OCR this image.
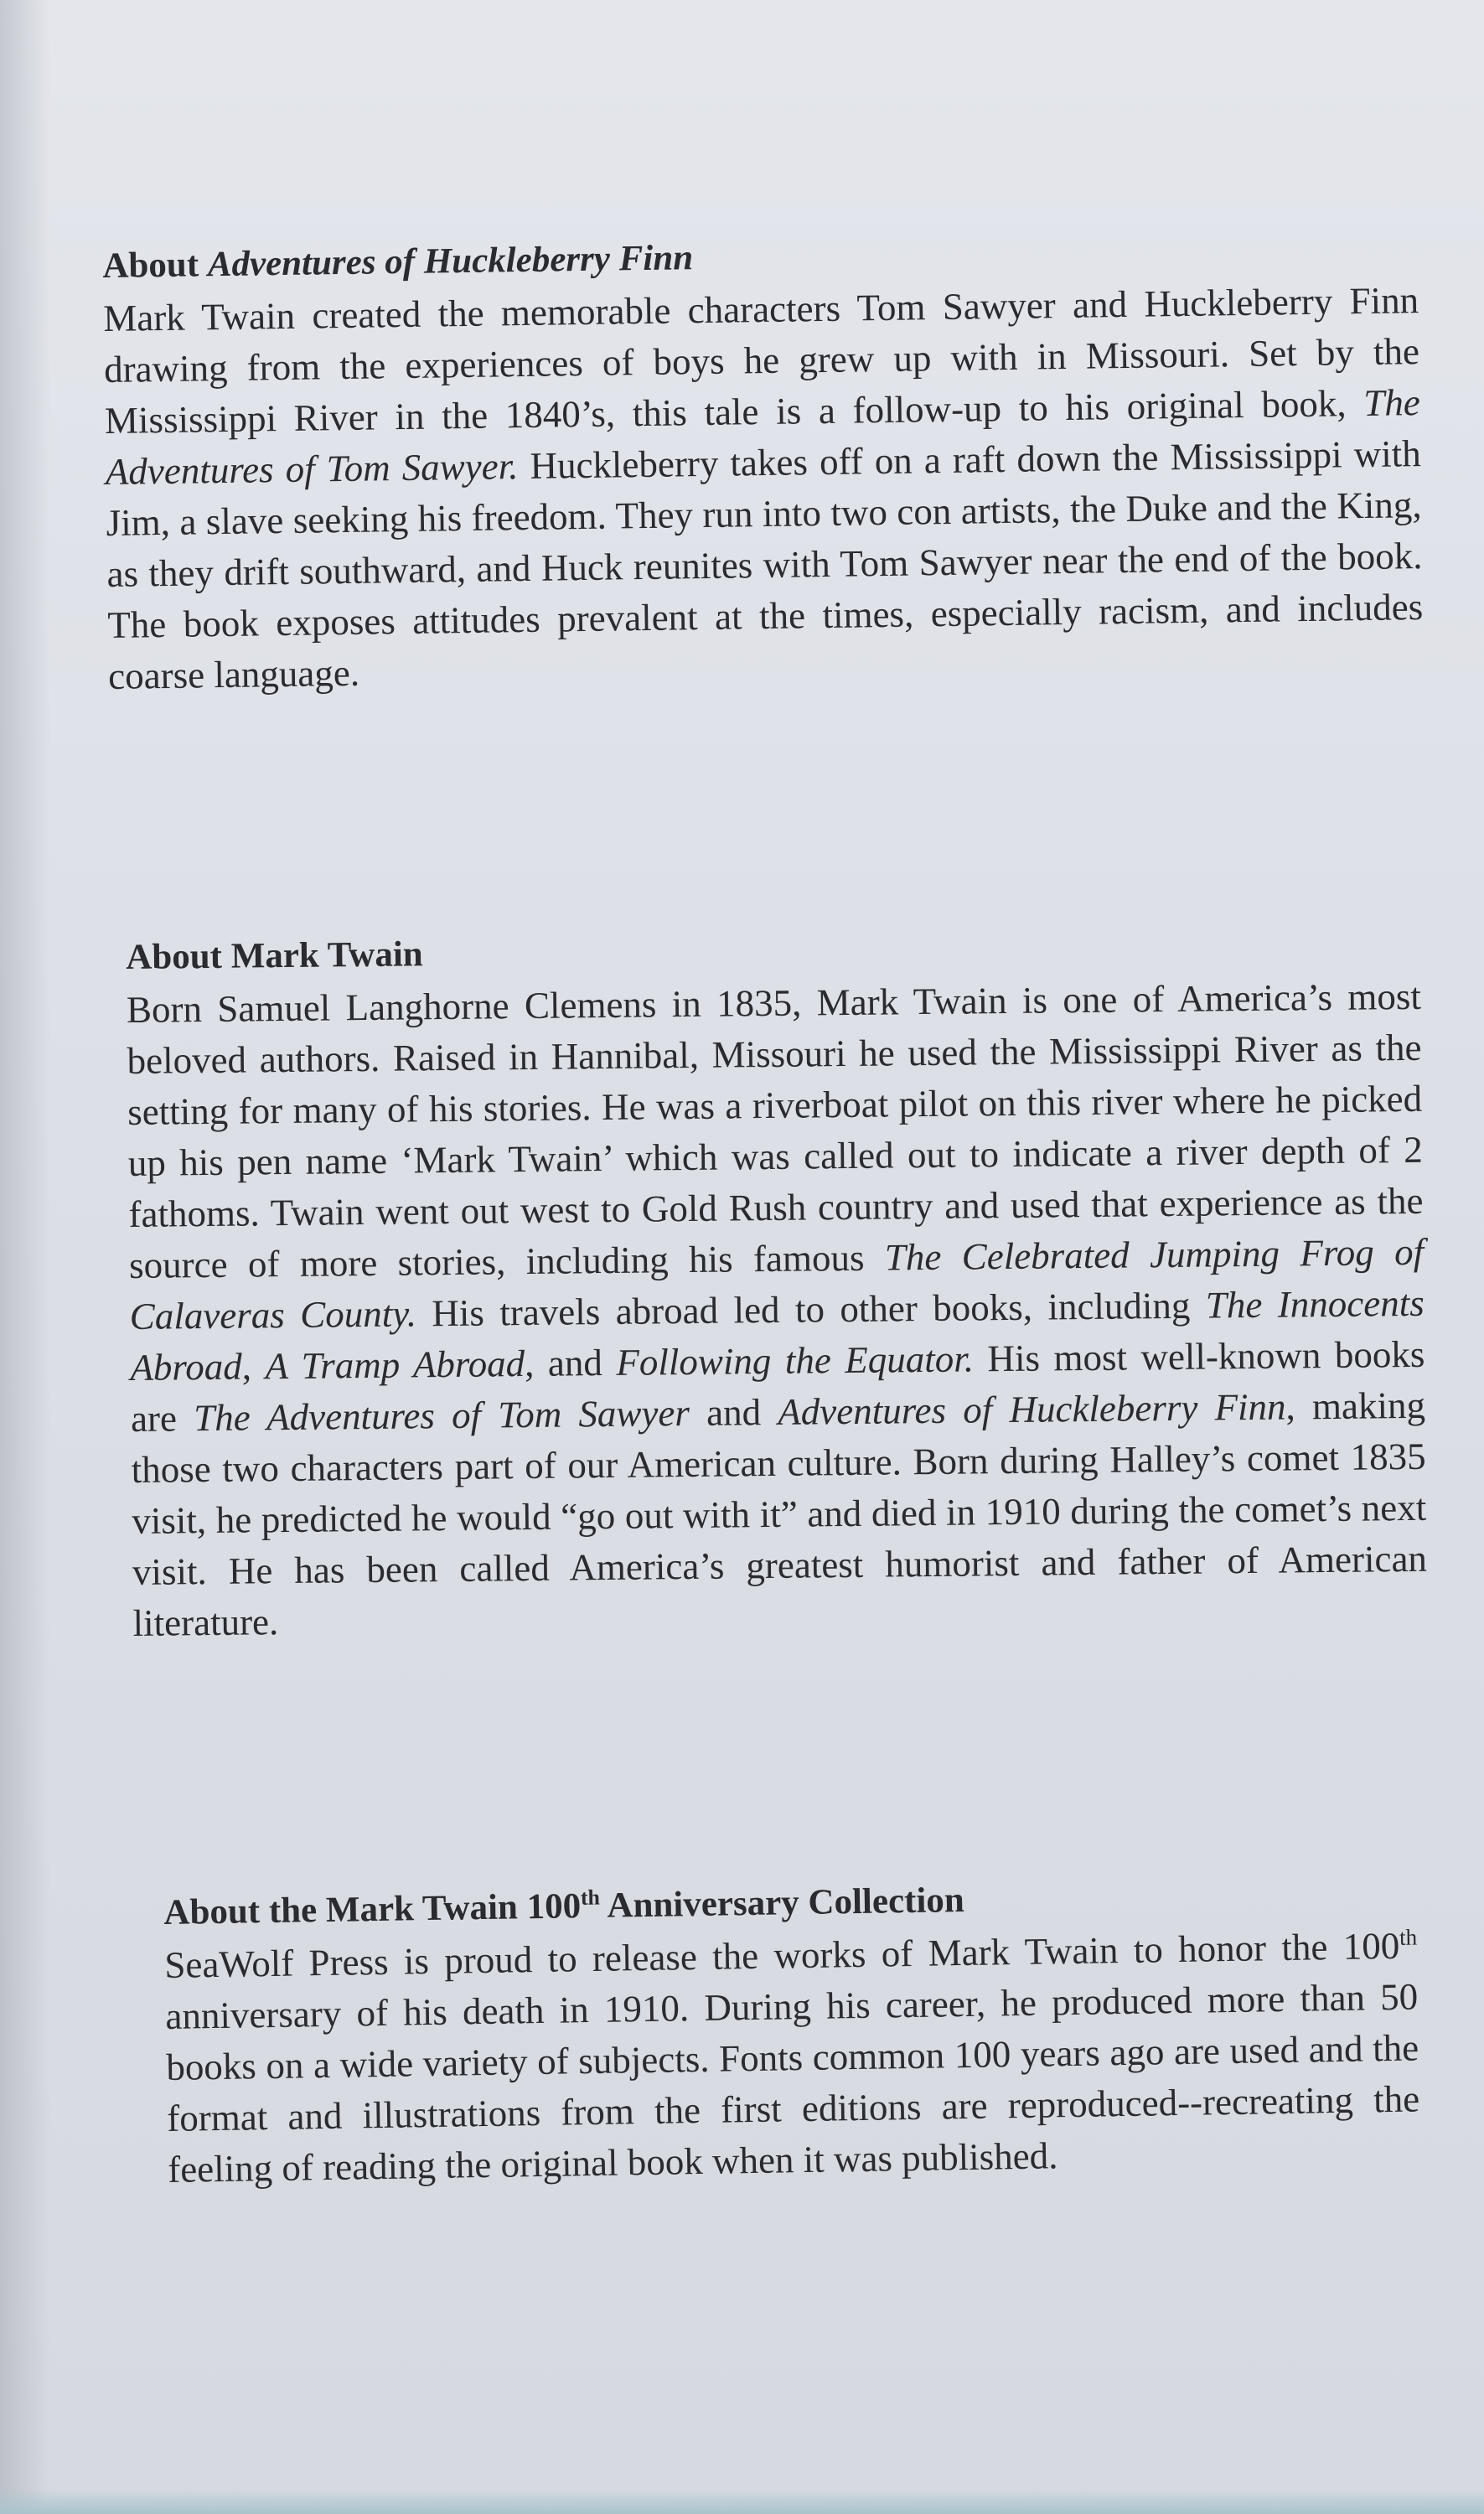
About Adventures of Huckleberry Finn

Mark Twain created the memorable characters Tom Sawyer and Huckleberry Finn drawing from the experiences of boys he grew up with in Missouri. Set by the Mississippi River in the 1840’s, this tale is a follow-up to his original book, The Adventures of Tom Sawyer. Huckleberry takes off on a raft down the Mississippi with Jim, a slave seeking his freedom. They run into two con artists, the Duke and the King, as they drift southward, and Huck reunites with Tom Sawyer near the end of the book. The book exposes attitudes prevalent at the times, especially racism, and includes coarse language.

About Mark Twain

Born Samuel Langhorne Clemens in 1835, Mark Twain is one of America’s most beloved authors. Raised in Hannibal, Missouri he used the Mississippi River as the setting for many of his stories. He was a riverboat pilot on this river where he picked up his pen name ‘Mark Twain’ which was called out to indicate a river depth of 2 fathoms. Twain went out west to Gold Rush country and used that experience as the source of more stories, including his famous The Celebrated Jumping Frog of Calaveras County. His travels abroad led to other books, including The Innocents Abroad, A Tramp Abroad, and Following the Equator. His most well-known books are The Adventures of Tom Sawyer and Adventures of Huckleberry Finn, making those two characters part of our American culture. Born during Halley’s comet 1835 visit, he predicted he would “go out with it” and died in 1910 during the comet’s next visit. He has been called America’s greatest humorist and father of American literature.

About the Mark Twain 100th Anniversary Collection

SeaWolf Press is proud to release the works of Mark Twain to honor the 100th anniversary of his death in 1910. During his career, he produced more than 50 books on a wide variety of subjects. Fonts common 100 years ago are used and the format and illustrations from the first editions are reproduced--recreating the feeling of reading the original book when it was published.
